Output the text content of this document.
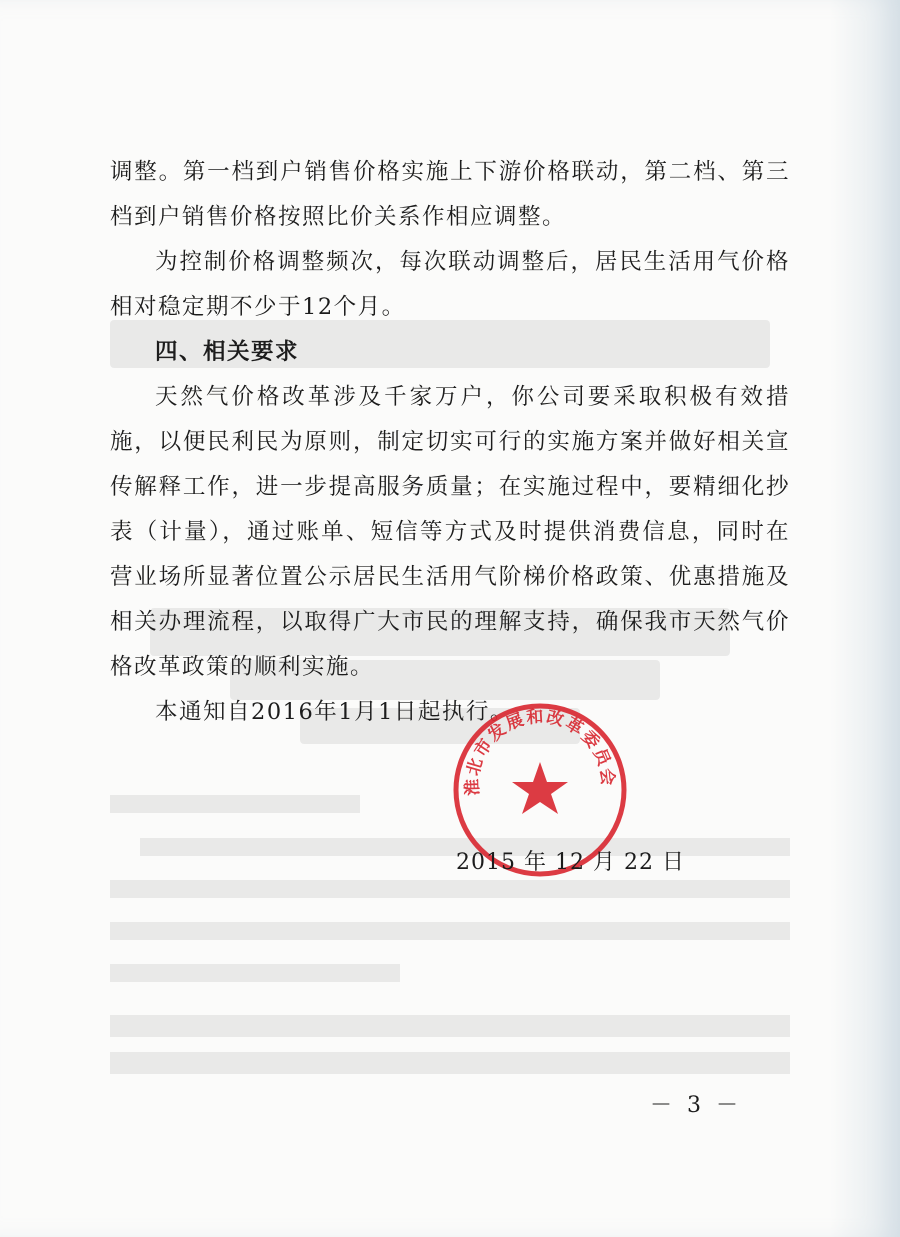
调整。第一档到户销售价格实施上下游价格联动，第二档、第三档到户销售价格按照比价关系作相应调整。

为控制价格调整频次，每次联动调整后，居民生活用气价格相对稳定期不少于12个月。

四、相关要求

天然气价格改革涉及千家万户，你公司要采取积极有效措施，以便民利民为原则，制定切实可行的实施方案并做好相关宣传解释工作，进一步提高服务质量；在实施过程中，要精细化抄表（计量），通过账单、短信等方式及时提供消费信息，同时在营业场所显著位置公示居民生活用气阶梯价格政策、优惠措施及相关办理流程，以取得广大市民的理解支持，确保我市天然气价格改革政策的顺利实施。

本通知自2016年1月1日起执行。

淮北市发展和改革委员会
2015 年 12 月 22 日
－ 3 －
